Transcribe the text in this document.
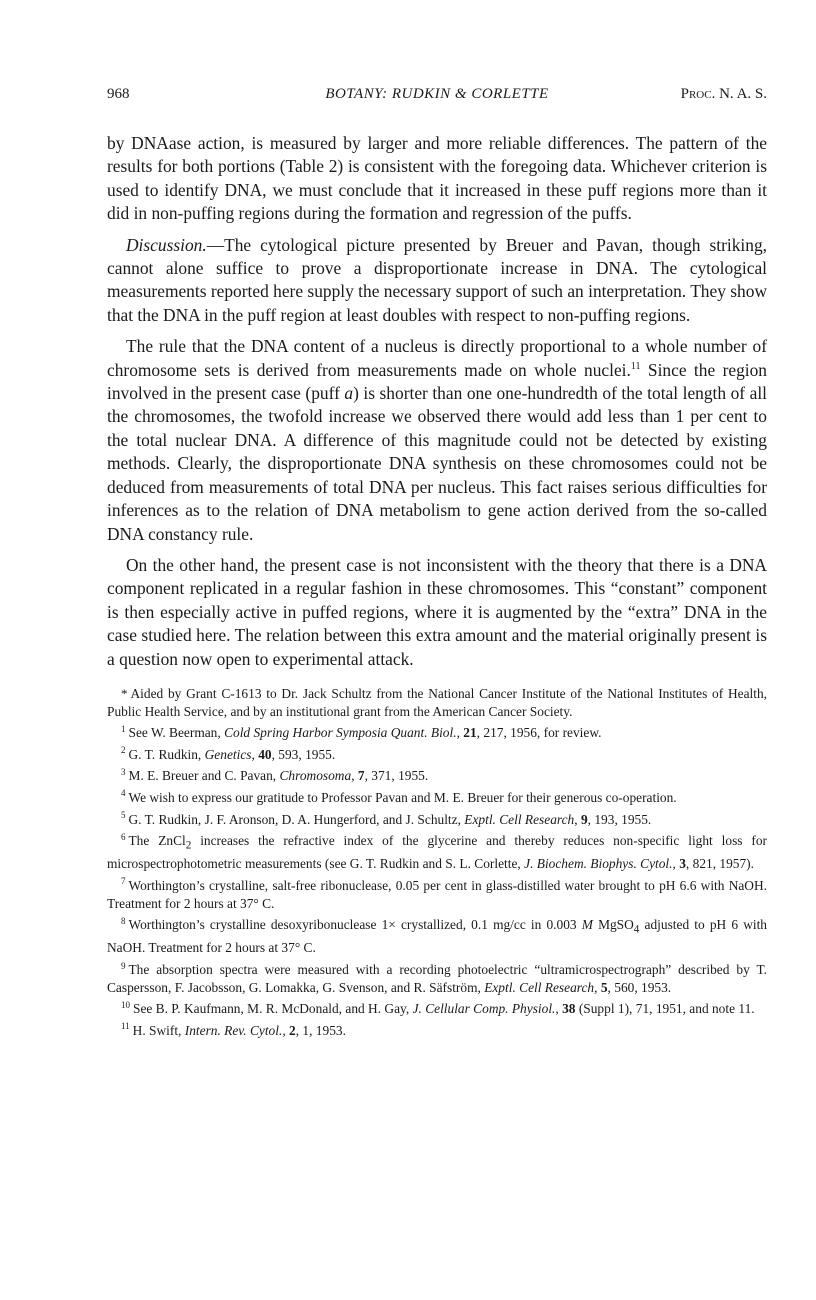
968	BOTANY: RUDKIN & CORLETTE	Proc. N. A. S.

by DNAase action, is measured by larger and more reliable differences. The pattern of the results for both portions (Table 2) is consistent with the foregoing data. Whichever criterion is used to identify DNA, we must conclude that it increased in these puff regions more than it did in non-puffing regions during the formation and regression of the puffs.

Discussion.—The cytological picture presented by Breuer and Pavan, though striking, cannot alone suffice to prove a disproportionate increase in DNA. The cytological measurements reported here supply the necessary support of such an interpretation. They show that the DNA in the puff region at least doubles with respect to non-puffing regions.

The rule that the DNA content of a nucleus is directly proportional to a whole number of chromosome sets is derived from measurements made on whole nuclei.$^{11}$ Since the region involved in the present case (puff a) is shorter than one one-hundredth of the total length of all the chromosomes, the twofold increase we observed there would add less than 1 per cent to the total nuclear DNA. A difference of this magnitude could not be detected by existing methods. Clearly, the disproportionate DNA synthesis on these chromosomes could not be deduced from measurements of total DNA per nucleus. This fact raises serious difficulties for inferences as to the relation of DNA metabolism to gene action derived from the so-called DNA constancy rule.

On the other hand, the present case is not inconsistent with the theory that there is a DNA component replicated in a regular fashion in these chromosomes. This “constant” component is then especially active in puffed regions, where it is augmented by the “extra” DNA in the case studied here. The relation between this extra amount and the material originally present is a question now open to experimental attack.

* Aided by Grant C-1613 to Dr. Jack Schultz from the National Cancer Institute of the National Institutes of Health, Public Health Service, and by an institutional grant from the American Cancer Society.

$^1$ See W. Beerman, Cold Spring Harbor Symposia Quant. Biol., 21, 217, 1956, for review.

$^2$ G. T. Rudkin, Genetics, 40, 593, 1955.

$^3$ M. E. Breuer and C. Pavan, Chromosoma, 7, 371, 1955.

$^4$ We wish to express our gratitude to Professor Pavan and M. E. Breuer for their generous co-operation.

$^5$ G. T. Rudkin, J. F. Aronson, D. A. Hungerford, and J. Schultz, Exptl. Cell Research, 9, 193, 1955.

$^6$ The ZnCl$_2$ increases the refractive index of the glycerine and thereby reduces non-specific light loss for microspectrophotometric measurements (see G. T. Rudkin and S. L. Corlette, J. Biochem. Biophys. Cytol., 3, 821, 1957).

$^7$ Worthington’s crystalline, salt-free ribonuclease, 0.05 per cent in glass-distilled water brought to pH 6.6 with NaOH. Treatment for 2 hours at 37° C.

$^8$ Worthington’s crystalline desoxyribonuclease 1× crystallized, 0.1 mg/cc in 0.003 M MgSO$_4$ adjusted to pH 6 with NaOH. Treatment for 2 hours at 37° C.

$^9$ The absorption spectra were measured with a recording photoelectric “ultramicrospectrograph” described by T. Caspersson, F. Jacobsson, G. Lomakka, G. Svenson, and R. Säfström, Exptl. Cell Research, 5, 560, 1953.

$^{10}$ See B. P. Kaufmann, M. R. McDonald, and H. Gay, J. Cellular Comp. Physiol., 38 (Suppl 1), 71, 1951, and note 11.

$^{11}$ H. Swift, Intern. Rev. Cytol., 2, 1, 1953.
